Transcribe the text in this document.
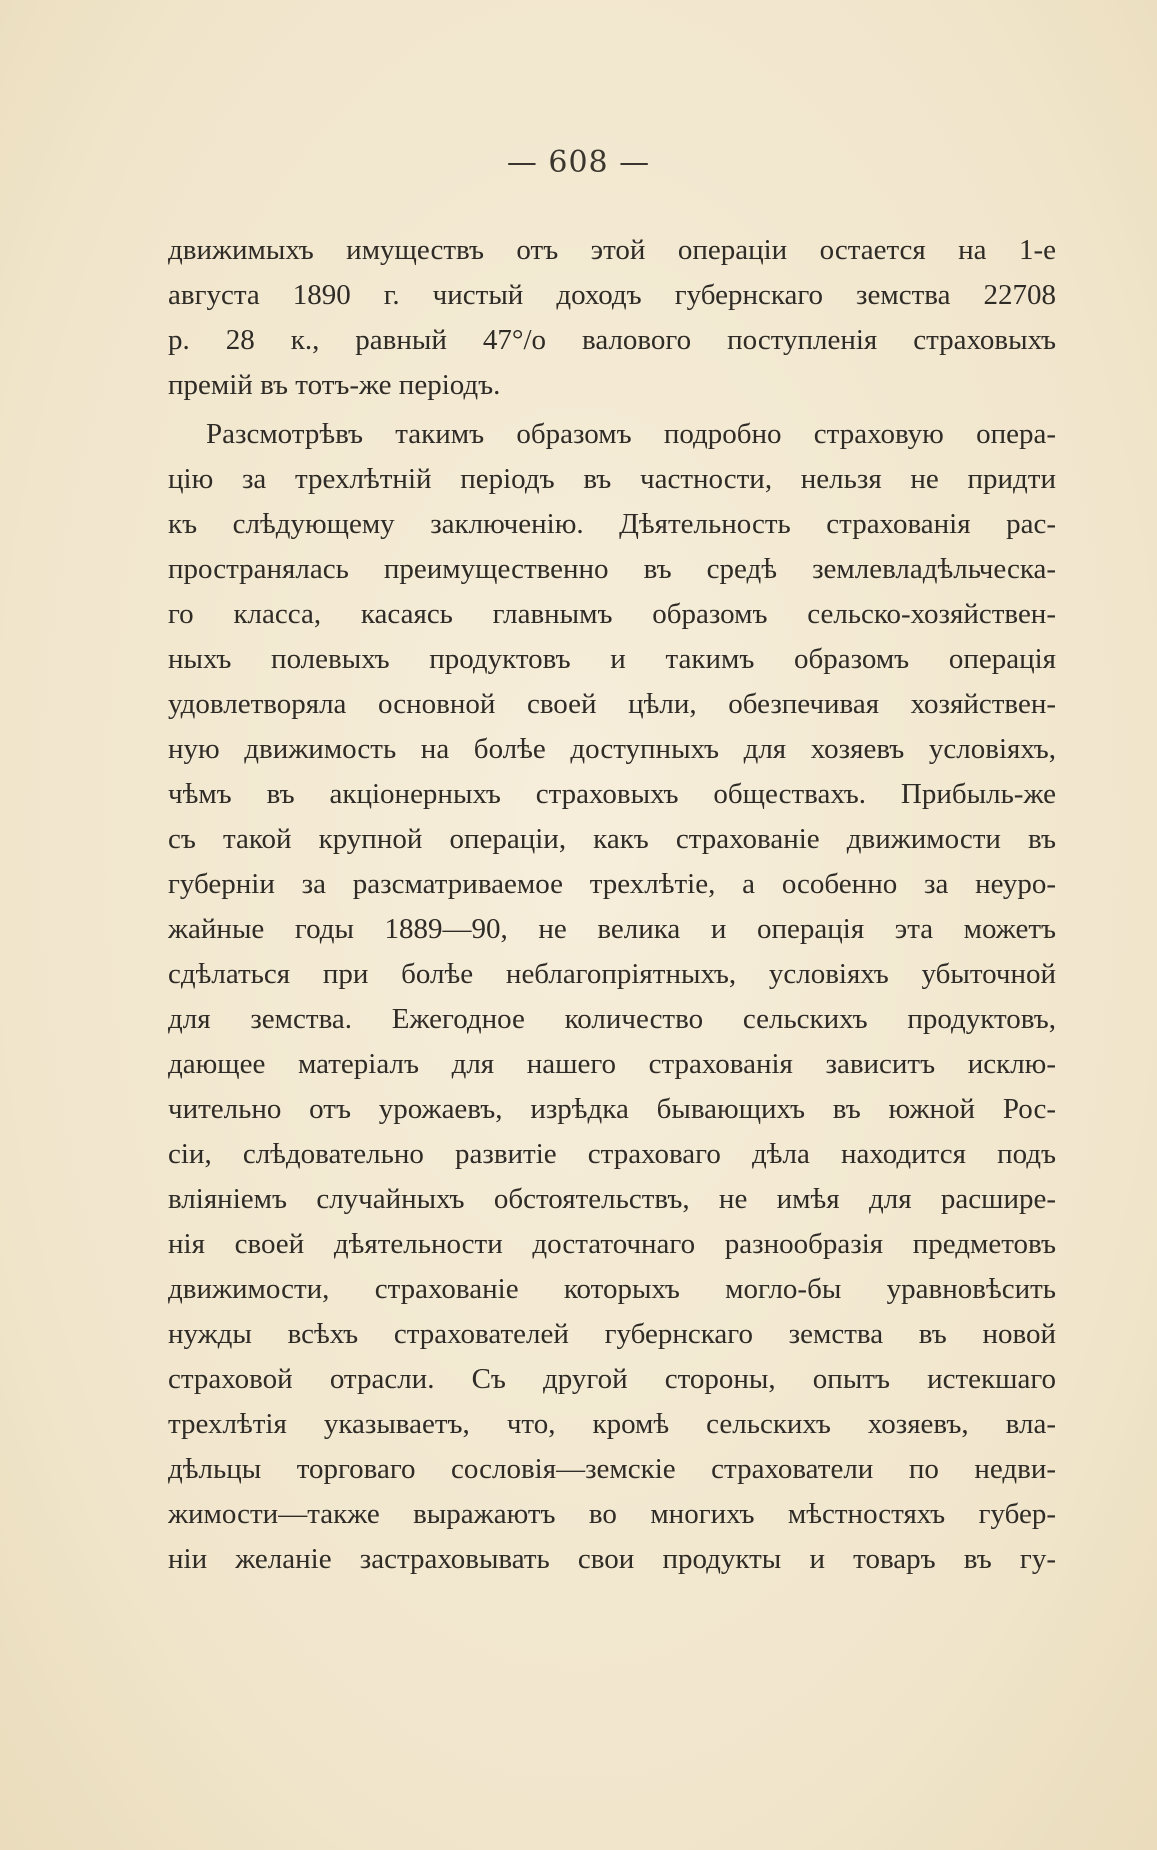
— 608 —
движимыхъ имуществъ отъ этой операціи остается на 1-е
августа 1890 г. чистый доходъ губернскаго земства 22708
р. 28 к., равный 47°/о валового поступленія страховыхъ
премій въ тотъ-же періодъ.
Разсмотрѣвъ такимъ образомъ подробно страховую опера-
цію за трехлѣтній періодъ въ частности, нельзя не придти
къ слѣдующему заключенію. Дѣятельность страхованія рас-
пространялась преимущественно въ средѣ землевладѣльческа-
го класса, касаясь главнымъ образомъ сельско-хозяйствен-
ныхъ полевыхъ продуктовъ и такимъ образомъ операція
удовлетворяла основной своей цѣли, обезпечивая хозяйствен-
ную движимость на болѣе доступныхъ для хозяевъ условіяхъ,
чѣмъ въ акціонерныхъ страховыхъ обществахъ. Прибыль-же
съ такой крупной операціи, какъ страхованіе движимости въ
губерніи за разсматриваемое трехлѣтіе, а особенно за неуро-
жайные годы 1889—90, не велика и операція эта можетъ
сдѣлаться при болѣе неблагопріятныхъ, условіяхъ убыточной
для земства. Ежегодное количество сельскихъ продуктовъ,
дающее матеріалъ для нашего страхованія зависитъ исклю-
чительно отъ урожаевъ, изрѣдка бывающихъ въ южной Рос-
сіи, слѣдовательно развитіе страховаго дѣла находится подъ
вліяніемъ случайныхъ обстоятельствъ, не имѣя для расшире-
нія своей дѣятельности достаточнаго разнообразія предметовъ
движимости, страхованіе которыхъ могло-бы уравновѣсить
нужды всѣхъ страхователей губернскаго земства въ новой
страховой отрасли. Съ другой стороны, опытъ истекшаго
трехлѣтія указываетъ, что, кромѣ сельскихъ хозяевъ, вла-
дѣльцы торговаго сословія—земскіе страхователи по недви-
жимости—также выражаютъ во многихъ мѣстностяхъ губер-
ніи желаніе застраховывать свои продукты и товаръ въ гу-
